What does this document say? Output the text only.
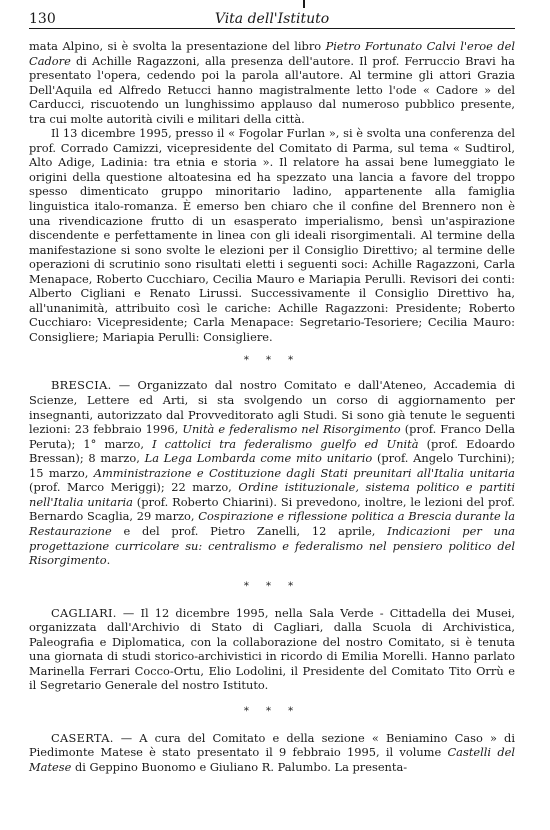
130	Vita dell'Istituto

mata Alpino, si è svolta la presentazione del libro Pietro Fortunato Calvi l'eroe del Cadore di Achille Ragazzoni, alla presenza dell'autore. Il prof. Ferruccio Bravi ha presentato l'opera, cedendo poi la parola all'autore. Al termine gli attori Grazia Dell'Aquila ed Alfredo Retucci hanno magistralmente letto l'ode « Cadore » del Carducci, riscuotendo un lunghissimo applauso dal numeroso pubblico presente, tra cui molte autorità civili e militari della città.

Il 13 dicembre 1995, presso il « Fogolar Furlan », si è svolta una conferenza del prof. Corrado Camizzi, vicepresidente del Comitato di Parma, sul tema « Sudtirol, Alto Adige, Ladinia: tra etnia e storia ». Il relatore ha assai bene lumeggiato le origini della questione altoatesina ed ha spezzato una lancia a favore del troppo spesso dimenticato gruppo minoritario ladino, appartenente alla famiglia linguistica italo-romanza. È emerso ben chiaro che il confine del Brennero non è una rivendicazione frutto di un esasperato imperialismo, bensì un'aspirazione discendente e perfettamente in linea con gli ideali risorgimentali. Al termine della manifestazione si sono svolte le elezioni per il Consiglio Direttivo; al termine delle operazioni di scrutinio sono risultati eletti i seguenti soci: Achille Ragazzoni, Carla Menapace, Roberto Cucchiaro, Cecilia Mauro e Mariapia Perulli. Revisori dei conti: Alberto Cigliani e Renato Lirussi. Successivamente il Consiglio Direttivo ha, all'unanimità, attribuito così le cariche: Achille Ragazzoni: Presidente; Roberto Cucchiaro: Vicepresidente; Carla Menapace: Segretario-Tesoriere; Cecilia Mauro: Consigliere; Mariapia Perulli: Consigliere.

* * *

BRESCIA. — Organizzato dal nostro Comitato e dall'Ateneo, Accademia di Scienze, Lettere ed Arti, si sta svolgendo un corso di aggiornamento per insegnanti, autorizzato dal Provveditorato agli Studi. Si sono già tenute le seguenti lezioni: 23 febbraio 1996, Unità e federalismo nel Risorgimento (prof. Franco Della Peruta); 1° marzo, I cattolici tra federalismo guelfo ed Unità (prof. Edoardo Bressan); 8 marzo, La Lega Lombarda come mito unitario (prof. Angelo Turchini); 15 marzo, Amministrazione e Costituzione dagli Stati preunitari all'Italia unitaria (prof. Marco Meriggi); 22 marzo, Ordine istituzionale, sistema politico e partiti nell'Italia unitaria (prof. Roberto Chiarini). Si prevedono, inoltre, le lezioni del prof. Bernardo Scaglia, 29 marzo, Cospirazione e riflessione politica a Brescia durante la Restaurazione e del prof. Pietro Zanelli, 12 aprile, Indicazioni per una progettazione curricolare su: centralismo e federalismo nel pensiero politico del Risorgimento.

* * *

CAGLIARI. — Il 12 dicembre 1995, nella Sala Verde - Cittadella dei Musei, organizzata dall'Archivio di Stato di Cagliari, dalla Scuola di Archivistica, Paleografia e Diplomatica, con la collaborazione del nostro Comitato, si è tenuta una giornata di studi storico-archivistici in ricordo di Emilia Morelli. Hanno parlato Marinella Ferrari Cocco-Ortu, Elio Lodolini, il Presidente del Comitato Tito Orrù e il Segretario Generale del nostro Istituto.

* * *

CASERTA. — A cura del Comitato e della sezione « Beniamino Caso » di Piedimonte Matese è stato presentato il 9 febbraio 1995, il volume Castelli del Matese di Geppino Buonomo e Giuliano R. Palumbo. La presenta-
